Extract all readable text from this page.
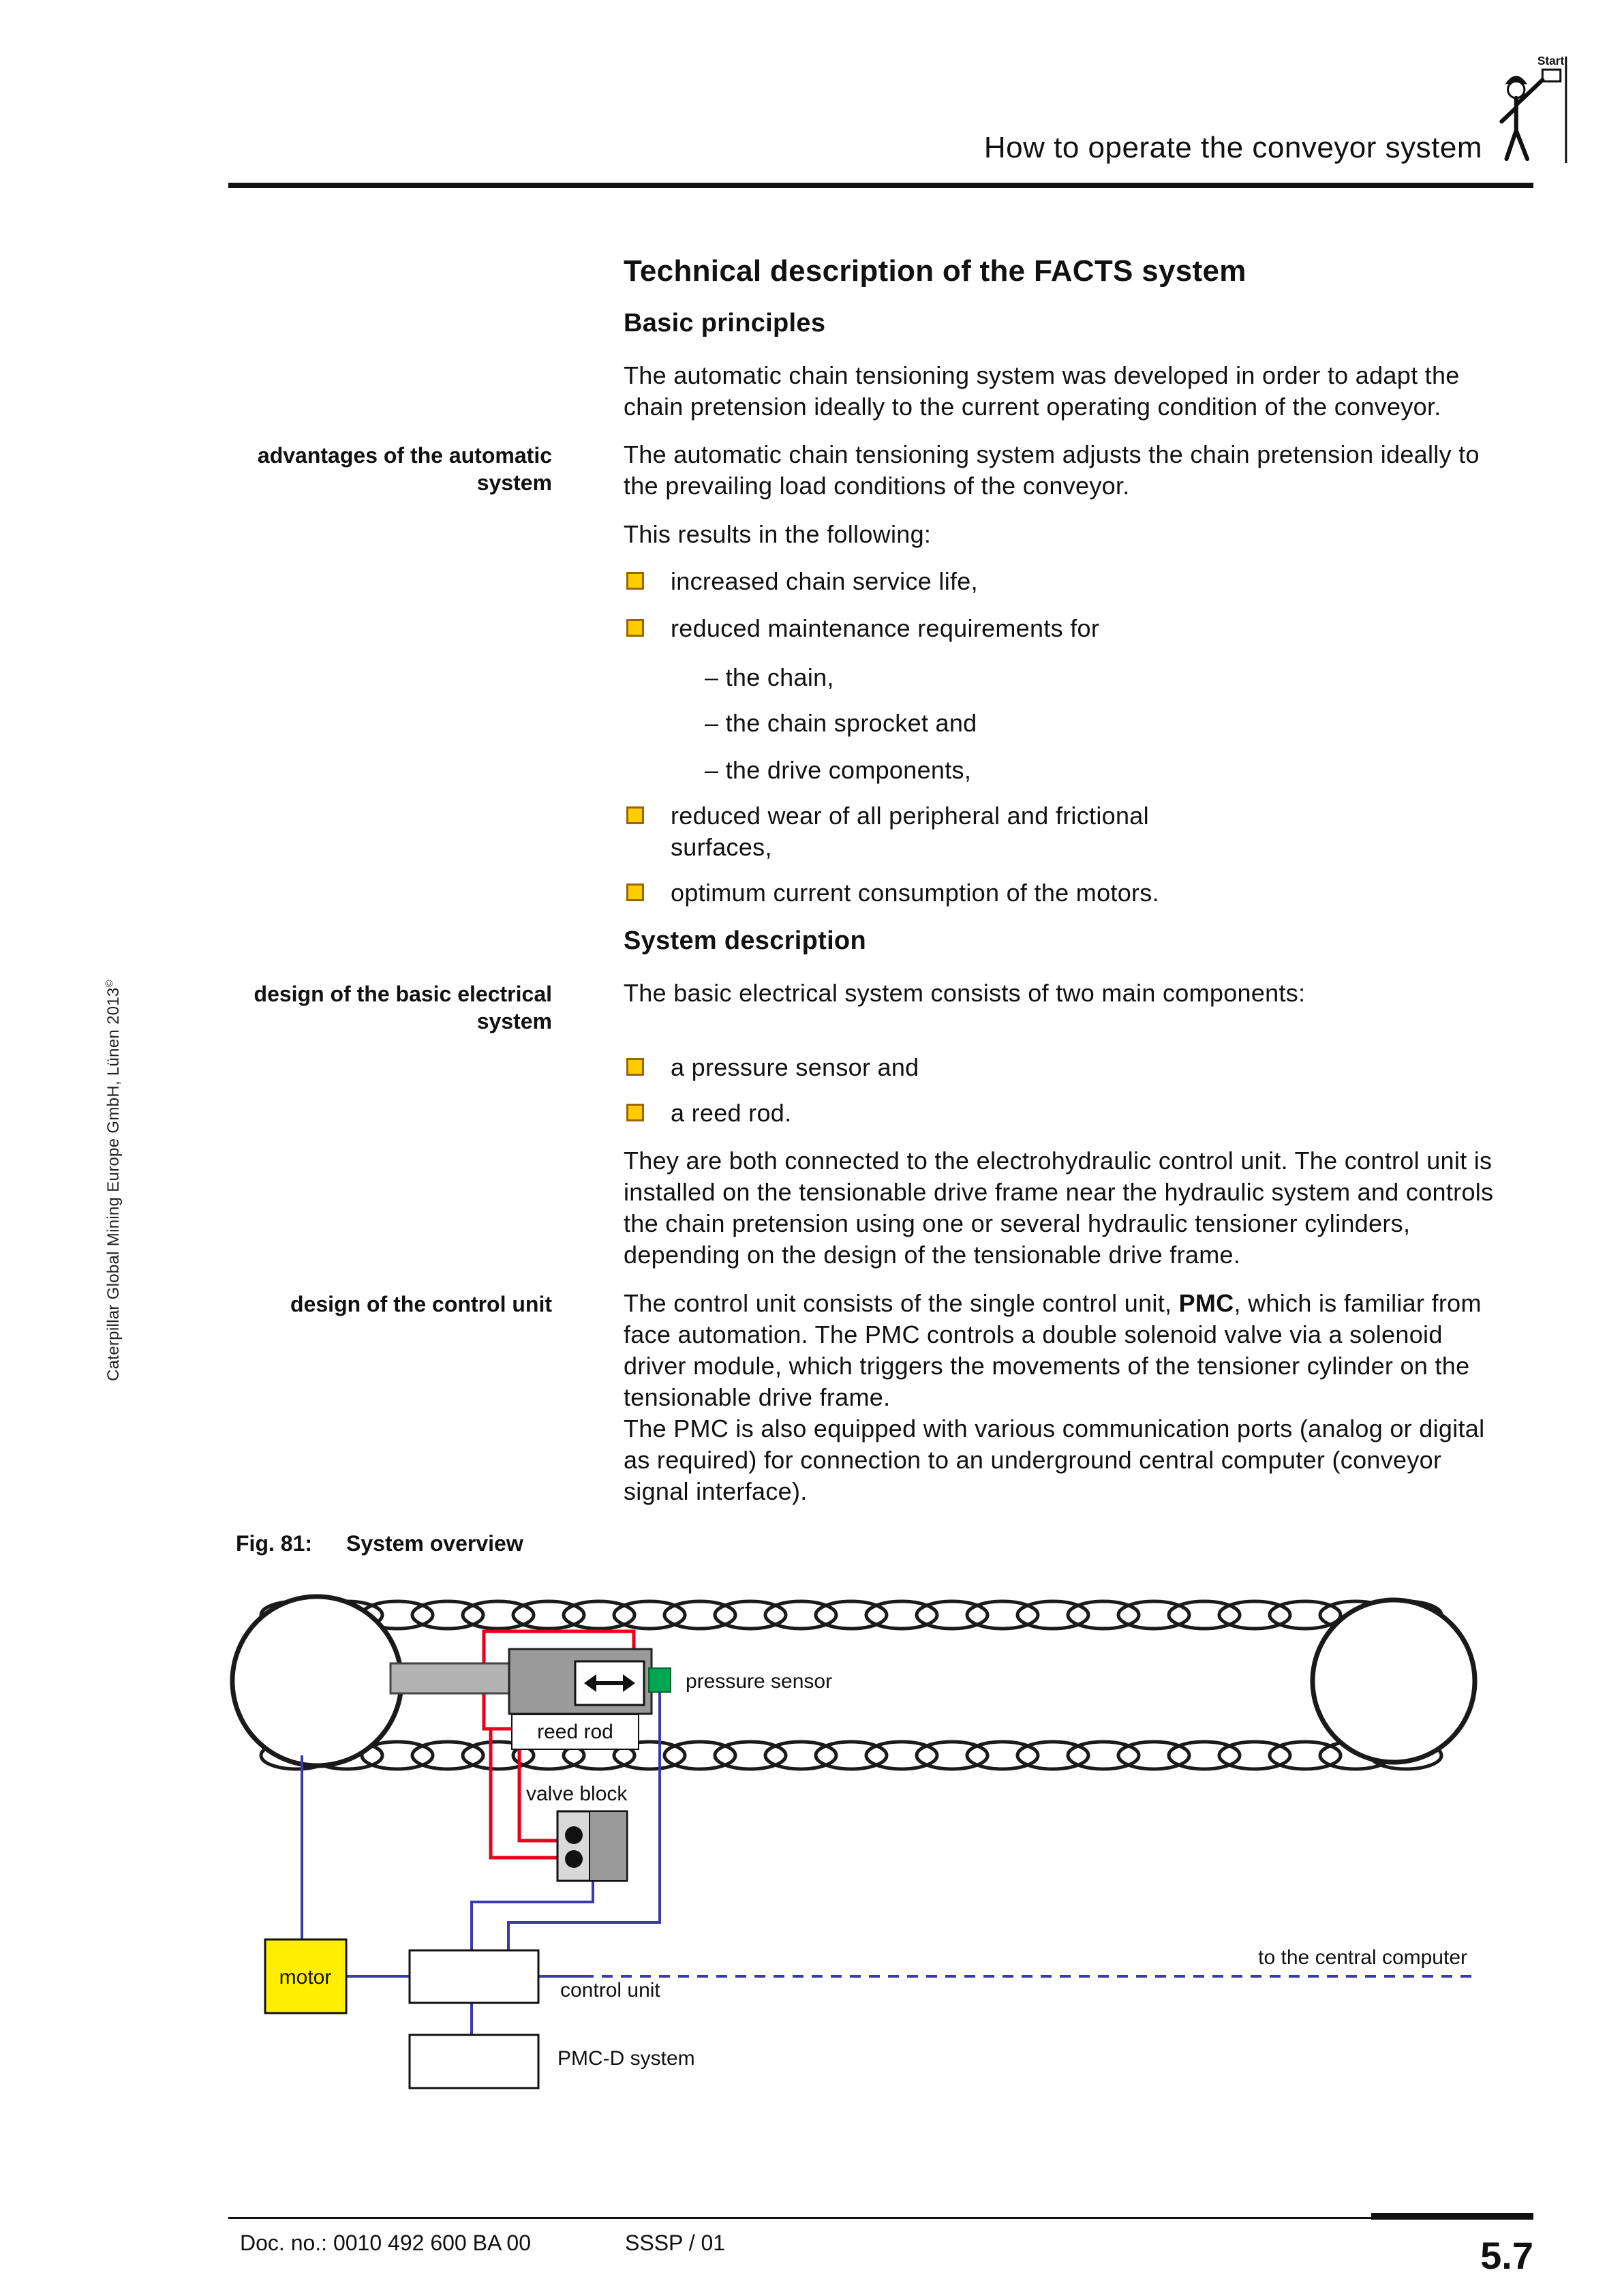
How to operate the conveyor system
Start
Caterpillar Global Mining Europe GmbH, Lünen 2013©
Technical description of the FACTS system
Basic principles

The automatic chain tensioning system was developed in order to adapt the chain pretension ideally to the current operating condition of the conveyor.

advantages of the automatic system

The automatic chain tensioning system adjusts the chain pretension ideally to the prevailing load conditions of the conveyor.

This results in the following:

increased chain service life,
reduced maintenance requirements for
– the chain,
– the chain sprocket and
– the drive components,
reduced wear of all peripheral and frictional surfaces,
optimum current consumption of the motors.
System description
design of the basic electrical system

The basic electrical system consists of two main components:

a pressure sensor and
a reed rod.

They are both connected to the electrohydraulic control unit. The control unit is installed on the tensionable drive frame near the hydraulic system and controls the chain pretension using one or several hydraulic tensioner cylinders, depending on the design of the tensionable drive frame.

design of the control unit	The control unit consists of the single control unit, PMC, which is familiar from face automation. The PMC controls a double solenoid valve via a solenoid driver module, which triggers the movements of the tensioner cylinder on the tensionable drive frame.

The PMC is also equipped with various communication ports (analog or digital as required) for connection to an underground central computer (conveyor signal interface).

Fig. 81: System overview
reed rod
pressure sensor
valve block
motor
control unit
PMC-D system
to the central computer
Doc. no.: 0010 492 600 BA 00	SSSP / 01	5.7
